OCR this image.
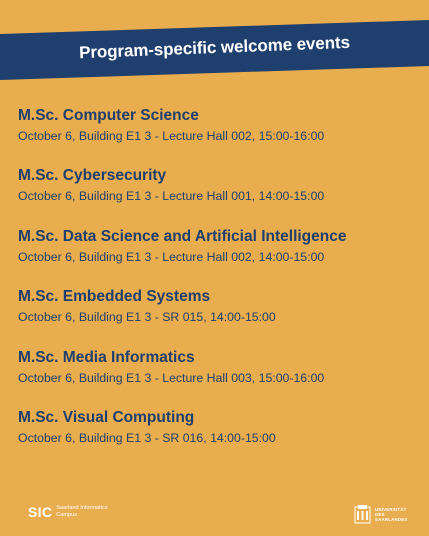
Program-specific welcome events
M.Sc. Computer Science
October 6, Building E1 3 - Lecture Hall 002, 15:00-16:00
M.Sc. Cybersecurity
October 6, Building E1 3 - Lecture Hall 001, 14:00-15:00
M.Sc. Data Science and Artificial Intelligence
October 6, Building E1 3 - Lecture Hall 002, 14:00-15:00
M.Sc. Embedded Systems
October 6, Building E1 3 - SR 015, 14:00-15:00
M.Sc. Media Informatics
October 6, Building E1 3 - Lecture Hall 003, 15:00-16:00
M.Sc. Visual Computing
October 6, Building E1 3 - SR 016, 14:00-15:00
SIC Saarland Informatics
Campus
UNIVERSITÄT
DES
SAARLANDES
